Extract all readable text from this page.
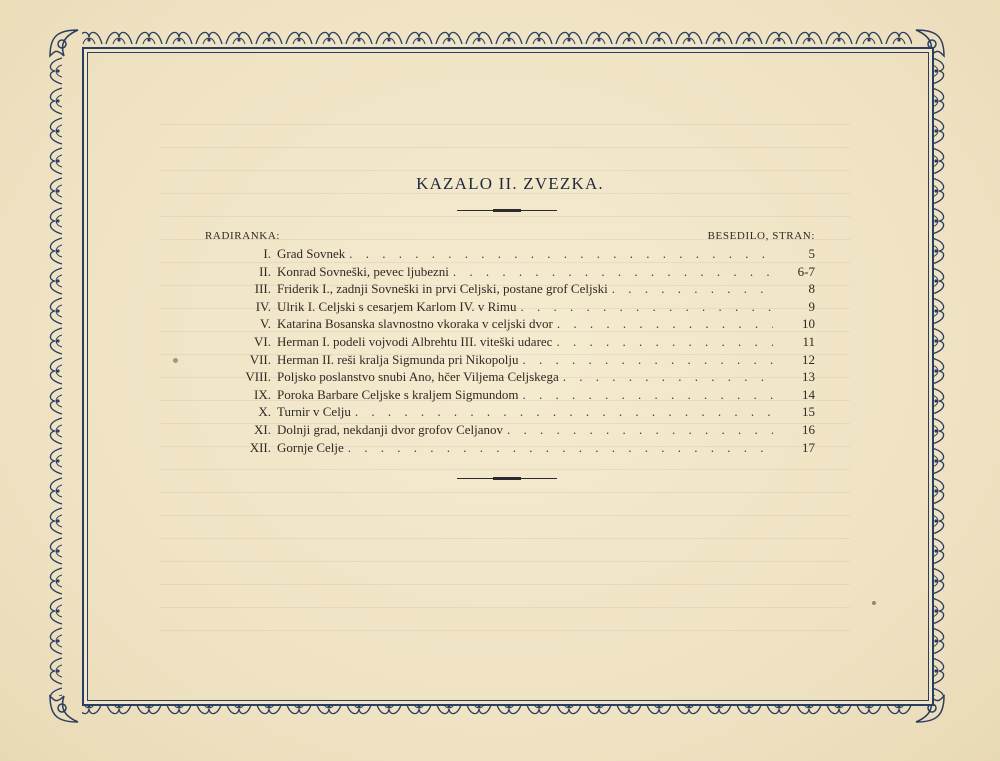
KAZALO II. ZVEZKA.
RADIRANKA:	BESEDILO, STRAN:
I. Grad Sovnek . . .	5
II. Konrad Sovneški, pevec ljubezni . . .	6-7
III. Friderik I., zadnji Sovneški in prvi Celjski, postane grof Celjski . . .	8
IV. Ulrik I. Celjski s cesarjem Karlom IV. v Rimu . . .	9
V. Katarina Bosanska slavnostno vkoraka v celjski dvor . . .	10
VI. Herman I. podeli vojvodi Albrehtu III. viteški udarec . . .	11
VII. Herman II. reši kralja Sigmunda pri Nikopolju . . .	12
VIII. Poljsko poslanstvo snubi Ano, hčer Viljema Celjskega . . .	13
IX. Poroka Barbare Celjske s kraljem Sigmundom . . .	14
X. Turnir v Celju . . .	15
XI. Dolnji grad, nekdanji dvor grofov Celjanov . . .	16
XII. Gornje Celje . . .	17
